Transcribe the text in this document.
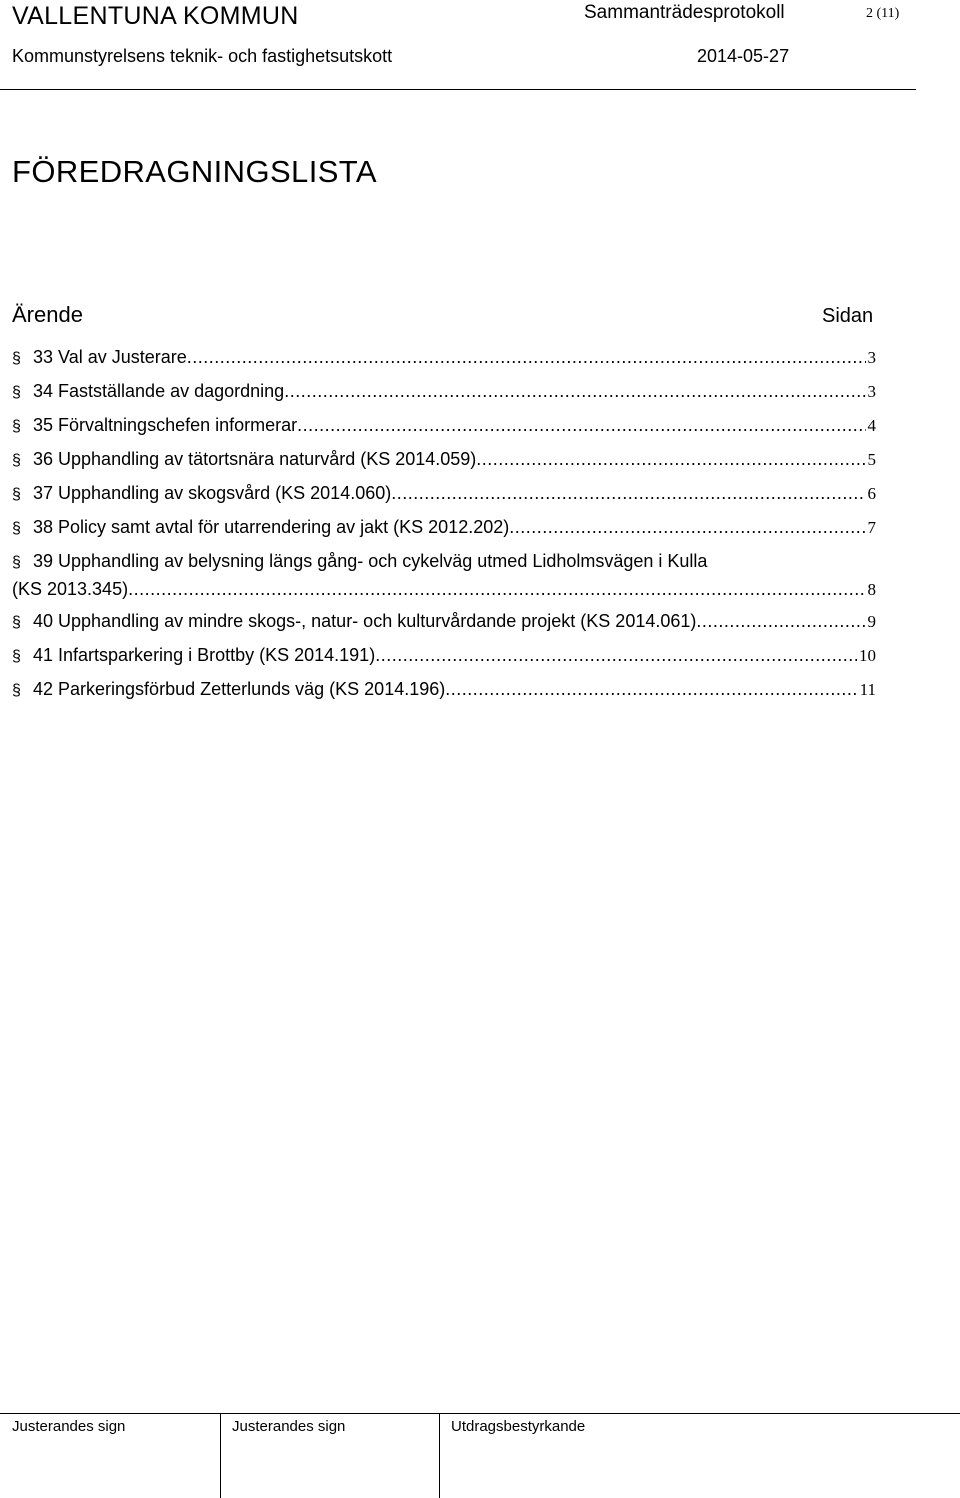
VALLENTUNA KOMMUN	Sammanträdesprotokoll	2 (11)
Kommunstyrelsens teknik- och fastighetsutskott	2014-05-27
FÖREDRAGNINGSLISTA
Ärende	Sidan
§ 33 Val av Justerare .....	3
§ 34 Fastställande av dagordning .....	3
§ 35 Förvaltningschefen informerar .....	4
§ 36 Upphandling av tätortsnära naturvård (KS 2014.059) .....	5
§ 37 Upphandling av skogsvård (KS 2014.060) .....	6
§ 38 Policy samt avtal för utarrendering av jakt (KS 2012.202) .....	7
§ 39 Upphandling av belysning längs gång- och cykelväg utmed Lidholmsvägen i Kulla
(KS 2013.345) .....	8
§ 40 Upphandling av mindre skogs-, natur- och kulturvårdande projekt (KS 2014.061) .....	9
§ 41 Infartsparkering i Brottby (KS 2014.191) .....	10
§ 42 Parkeringsförbud Zetterlunds väg (KS 2014.196) .....	11
Justerandes sign	Justerandes sign	Utdragsbestyrkande
